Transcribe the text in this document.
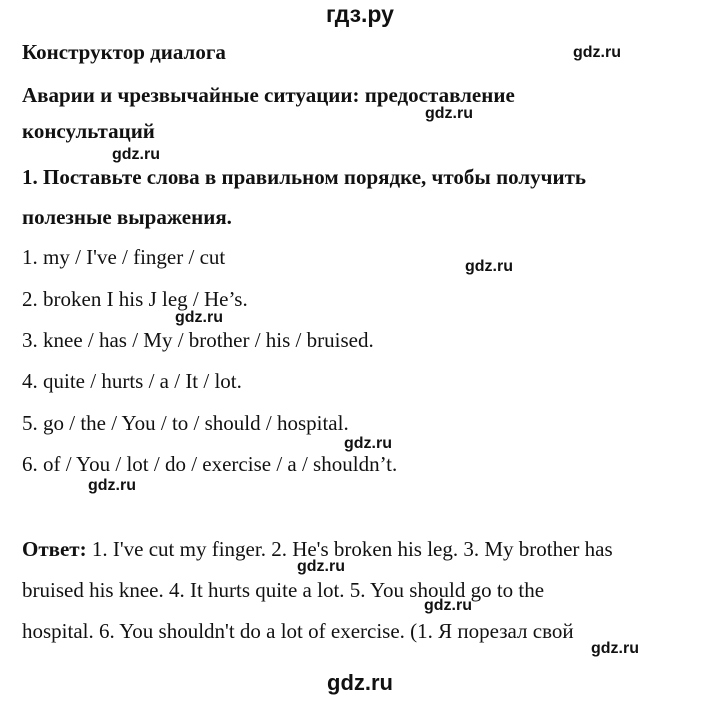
гдз.ру
Конструктор диалога
Аварии и чрезвычайные ситуации: предоставление
консультаций
1. Поставьте слова в правильном порядке, чтобы получить
полезные выражения.
1. my / I've / finger / cut
2. broken I his J leg / He’s.
3. knee / has / My / brother / his / bruised.
4. quite / hurts / a / It / lot.
5. go / the / You / to / should / hospital.
6. of / You / lot / do / exercise / a / shouldn’t.
Ответ: 1. I've cut my finger. 2. He's broken his leg. 3. My brother has
bruised his knee. 4. It hurts quite a lot. 5. You should go to the
hospital. 6. You shouldn't do a lot of exercise. (1. Я порезал свой
gdz.ru
gdz.ru
gdz.ru
gdz.ru
gdz.ru
gdz.ru
gdz.ru
gdz.ru
gdz.ru
gdz.ru
gdz.ru
